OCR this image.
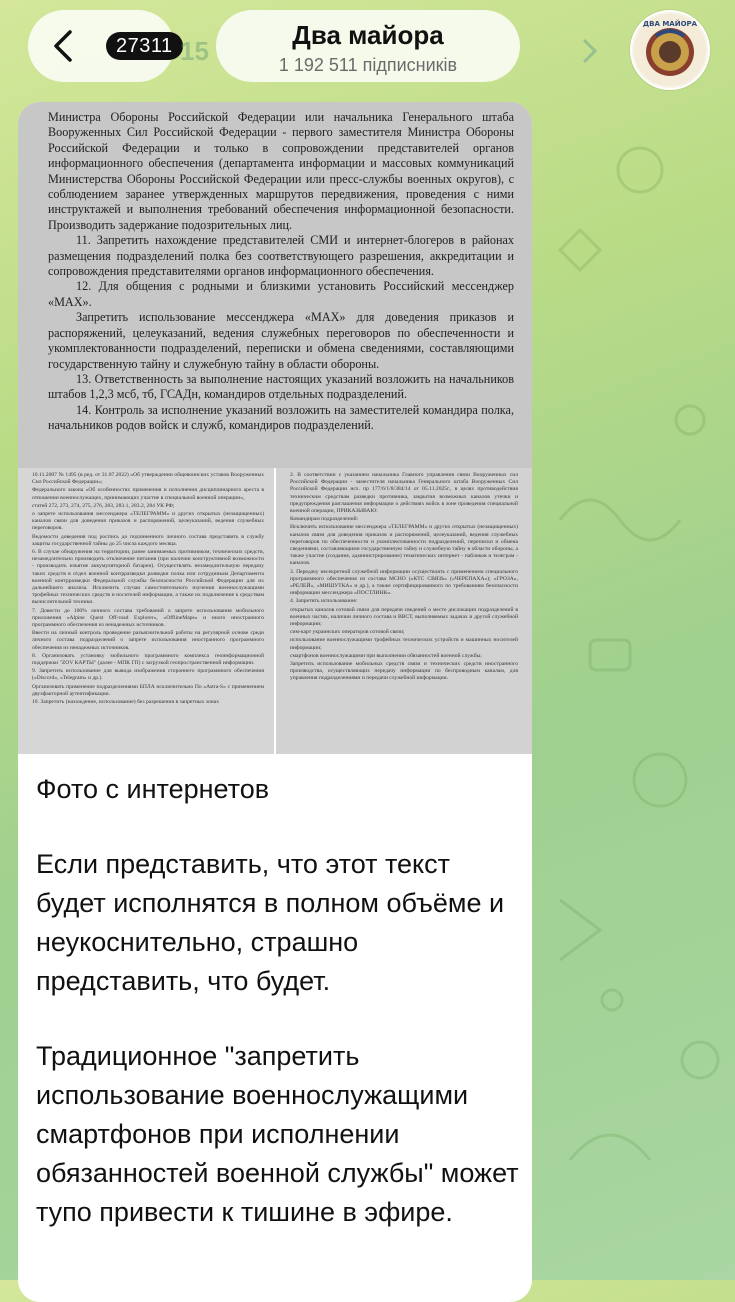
27311 15
Два майора
1 192 511 підписників
ДВА МАЙОРА

Министра Обороны Российской Федерации или начальника Генерального штаба Вооруженных Сил Российской Федерации - первого заместителя Министра Обороны Российской Федерации и только в сопровождении представителей органов информационного обеспечения (департамента информации и массовых коммуникаций Министерства Обороны Российской Федерации или пресс-службы военных округов), с соблюдением заранее утвержденных маршрутов передвижения, проведения с ними инструктажей и выполнения требований обеспечения информационной безопасности. Производить задержание подозрительных лиц.

11. Запретить нахождение представителей СМИ и интернет-блогеров в районах размещения подразделений полка без соответствующего разрешения, аккредитации и сопровождения представителями органов информационного обеспечения.

12. Для общения с родными и близкими установить Российский мессенджер «MAX».

Запретить использование мессенджера «MAX» для доведения приказов и распоряжений, целеуказаний, ведения служебных переговоров по обеспеченности и укомплектованности подразделений, переписки и обмена сведениями, составляющими государственную тайну и служебную тайну в области обороны.

13. Ответственность за выполнение настоящих указаний возложить на начальников штабов 1,2,3 мсб, тб, ГСАДн, командиров отдельных подразделений.

14. Контроль за исполнение указаний возложить на заместителей командира полка, начальников родов войск и служб, командиров подразделений.

10.11.2007 № 1495 (в ред. от 31.07.2022) «Об утверждении общевоинских уставов Вооруженных Сил Российской Федерации»;

Федерального закона «Об особенностях применения и исполнения дисциплинарного ареста в отношении военнослужащих, принимающих участие в специальной военной операции»,

статей 272, 273, 274, 275, 276, 283, 283.1, 283.2, 284 УК РФ;

о запрете использования мессенджера «ТЕЛЕГРАММ» и других открытых (незащищенных) каналов связи для доведения приказов и распоряжений, целеуказаний, ведения служебных переговоров.

Ведомости доведения под роспись до подчиненного личного состава представить в службу защиты государственной тайны до 25 числа каждого месяца.

6. В случае обнаружения на территории, ранее занимаемых противником, технических средств, незамедлительно производить отключение питания (при наличии конструктивной возможности - производить изъятие аккумуляторной батареи). Осуществлять незамедлительную передачу таких средств в отдел военной контрразведки разведки полка или сотрудникам Департамента военной контрразведки Федеральной службы безопасности Российской Федерации для их дальнейшего анализа. Исключить случаи самостоятельного изучения военнослужащими трофейных технических средств и носителей информации, а также их подключение к средствам вычислительной техники.

7. Довести до 100% личного состава требований о запрете использования мобильного приложения «Alpine Quest Off-road Explorer», «OfflineMaps» и иного иностранного программного обеспечения из ненадежных источников.

Ввести на личный контроль проведение разъяснительной работы на регулярной основе среди личного состава подразделений о запрете использования иностранного программного обеспечения из ненадежных источников.

8. Организовать установку мобильного программного комплекса геоинформационной поддержки "ZOV КАРТЫ" (далее - МПК ГП) с загрузкой геопространственной информации.

9. Запретить использование для вывода изображения стороннего программного обеспечения («Discord», «Telegram» и др.).

Организовать применение подразделениями БПЛА исключительно По «Astra-S» с применением двухфакторной аутентификации.

10. Запретить (нахождение, использование) без разрешения в запретных зонах

2. В соответствии с указанием начальника Главного управления связи Вооруженных сил Российской Федерации - заместителя начальника Генерального штаба Вооруженных Сил Российской Федерации исх. пр 177/6/1/8/384/14 от 05.11.2025г., в целях противодействия техническим средствам разведки противника, закрытия возможных каналов утечки и предупреждения разглашения информации о действиях войск в зоне проведения специальной военной операции, ПРИКАЗЫВАЮ:

Командирам подразделений:

Исключить использование мессенджера «ТЕЛЕГРАММ» и других открытых (незащищенных) каналов связи для доведения приказов и распоряжений, целеуказаний, ведения служебных переговоров по обеспеченности и укомплектованности подразделений, переписки и обмена сведениями, составляющими государственную тайну и служебную тайну в области обороны, а также участие (создание, администрирование) тематических интернет - пабликов и телеграм - каналов.

3. Передачу несекретной служебной информации осуществлять с применением специального программного обеспечения из состава МСНО («КТС СВЯЗЬ» («ЧЕРЕПАХА»); «ГРОЗА», «РЕЛЕЙ», «МИШУТКА» и др.), а также сертифицированного по требованиям безопасности информации мессенджера «ПОСТЛИНК».

4. Запретить использование:

открытых каналов сотовой связи для передачи сведений о месте дислокации подразделений в военных частях, наличии личного состава и ВВСТ, выполняемых задачах и другой служебной информации;

сим-карт украинских операторов сотовой связи;

использование военнослужащими трофейных технических устройств и машинных носителей информации;

смартфонов военнослужащими при выполнении обязанностей военной службы;

Запретить использование мобильных средств связи и технических средств иностранного производства, осуществляющих передачу информации по беспроводным каналам, для управления подразделениями и передачи служебной информации.

Фото с интернетов

Если представить, что этот текст будет исполнятся в полном объёме и неукоснительно, страшно представить, что будет.

Традиционное "запретить использование военнослужащими смартфонов при исполнении обязанностей военной службы" может тупо привести к тишине в эфире.
